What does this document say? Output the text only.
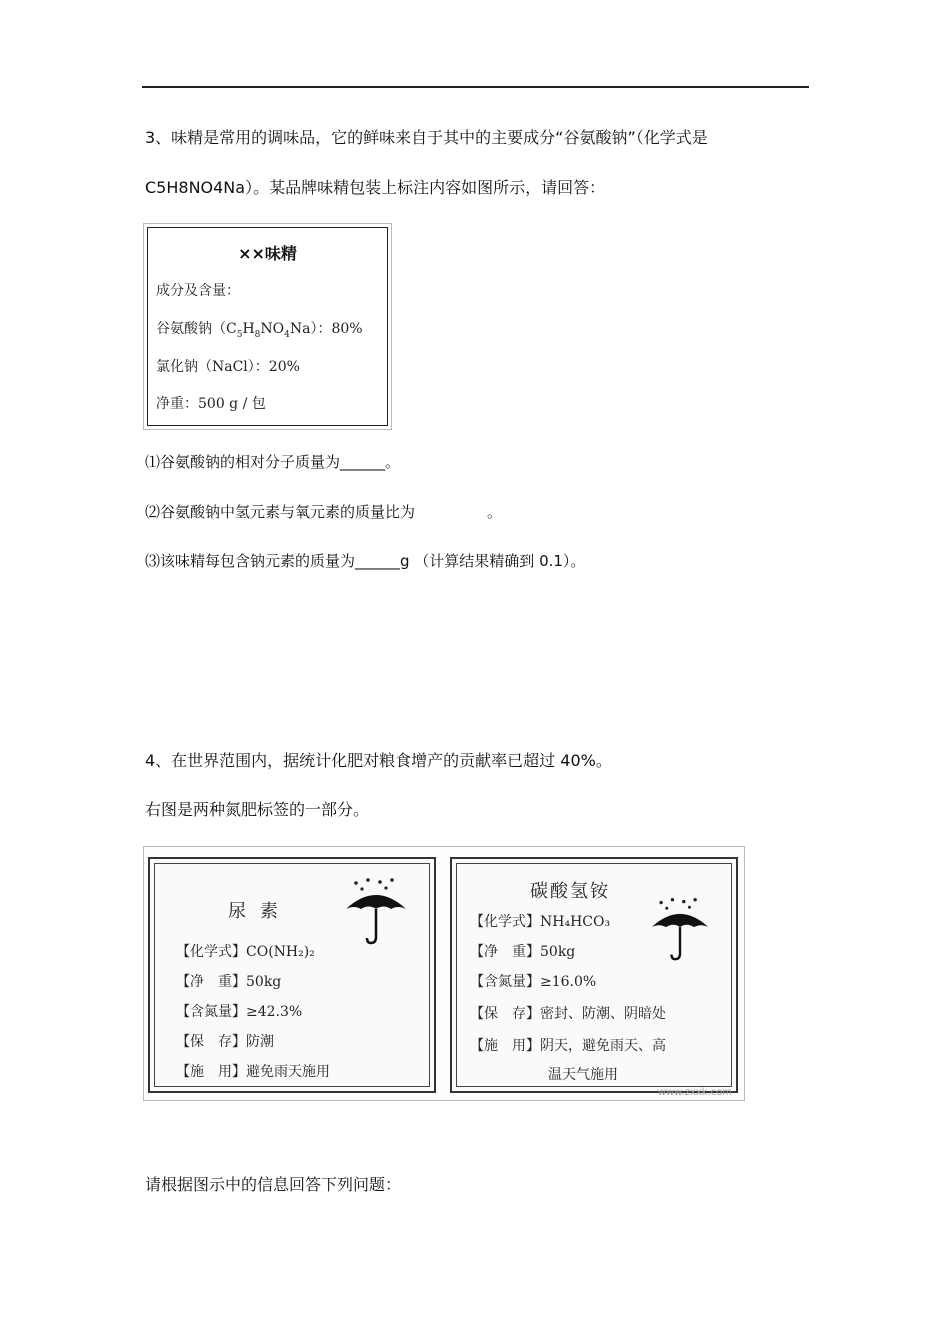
3、味精是常用的调味品，它的鲜味来自于其中的主要成分“谷氨酸钠”（化学式是
C5H8NO4Na）。某品牌味精包装上标注内容如图所示，请回答：
××味精
成分及含量：
谷氨酸钠$(C_5H_8NO_4Na)$：80%
氯化钠（NaCl）：20%
净重：500 g / 包
⑴谷氨酸钠的相对分子质量为______。
⑵谷氨酸钠中氢元素与氧元素的质量比为	。
⑶该味精每包含钠元素的质量为______g （计算结果精确到 0.1）。
4、在世界范围内，据统计化肥对粮食增产的贡献率已超过 40%。
右图是两种氮肥标签的一部分。
尿素
【化学式】CO(NH₂)₂
【净　重】50kg
【含氮量】≥42.3%
【保　存】防潮
【施　用】避免雨天施用
碳酸氢铵
【化学式】NH₄HCO₃
【净　重】50kg
【含氮量】≥16.0%
【保　存】密封、防潮、阴暗处
【施　用】阴天，避免雨天、高
温天气施用
www.zxxk.com
请根据图示中的信息回答下列问题：
